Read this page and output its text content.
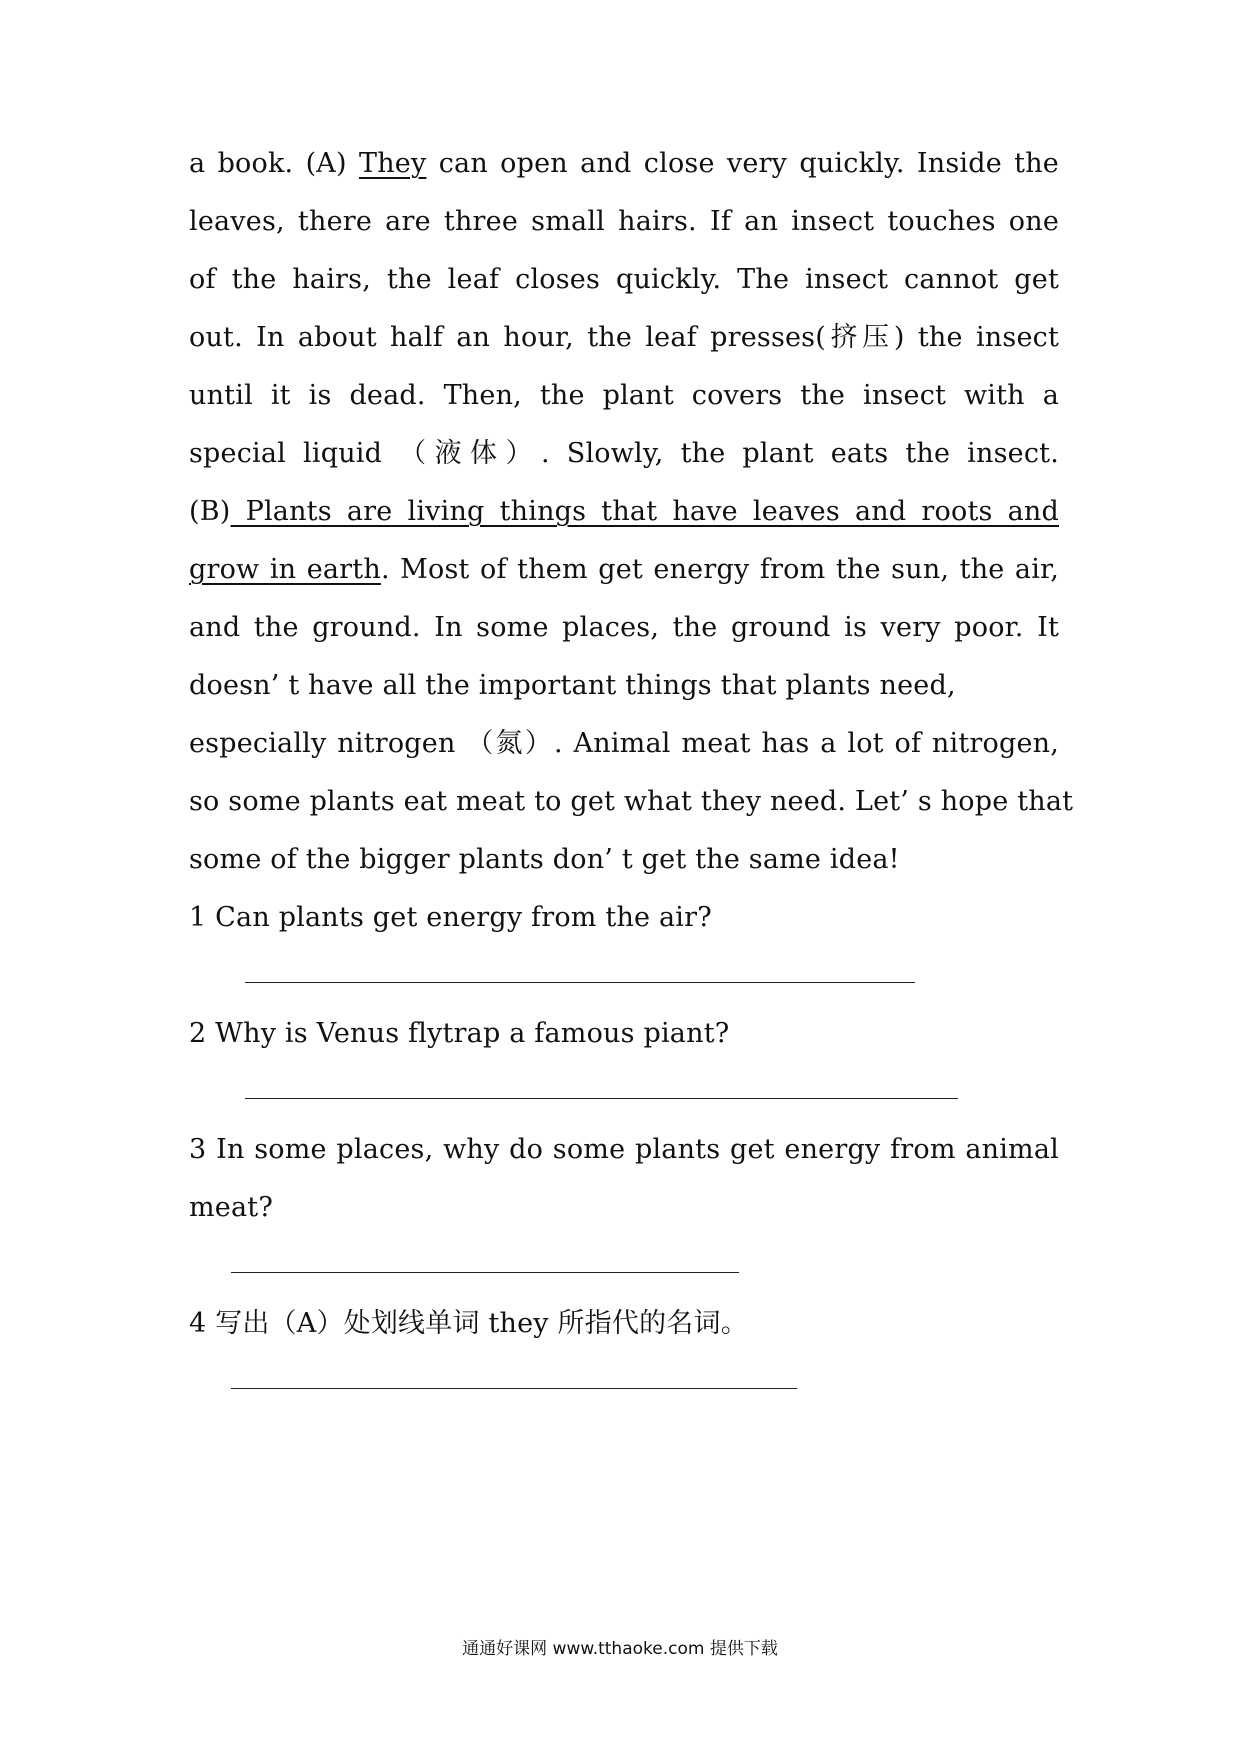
a book. (A) They can open and close very quickly. Inside the
leaves, there are three small hairs. If an insect touches one
of the hairs, the leaf closes quickly. The insect cannot get
out. In about half an hour, the leaf presses(挤压) the insect
until it is dead. Then, the plant covers the insect with a
special liquid （液体）. Slowly, the plant eats the insect.
(B) Plants are living things that have leaves and roots and
grow in earth. Most of them get energy from the sun, the air,
and the ground. In some places, the ground is very poor. It
doesn’ t have all the important things that plants need,
especially nitrogen （氮）. Animal meat has a lot of nitrogen,
so some plants eat meat to get what they need. Let’ s hope that
some of the bigger plants don’ t get the same idea!
1 Can plants get energy from the air?
2 Why is Venus flytrap a famous piant?
3 In some places, why do some plants get energy from animal
meat?
4 写出（A）处划线单词 they 所指代的名词。
通通好课网 www.tthaoke.com 提供下载
